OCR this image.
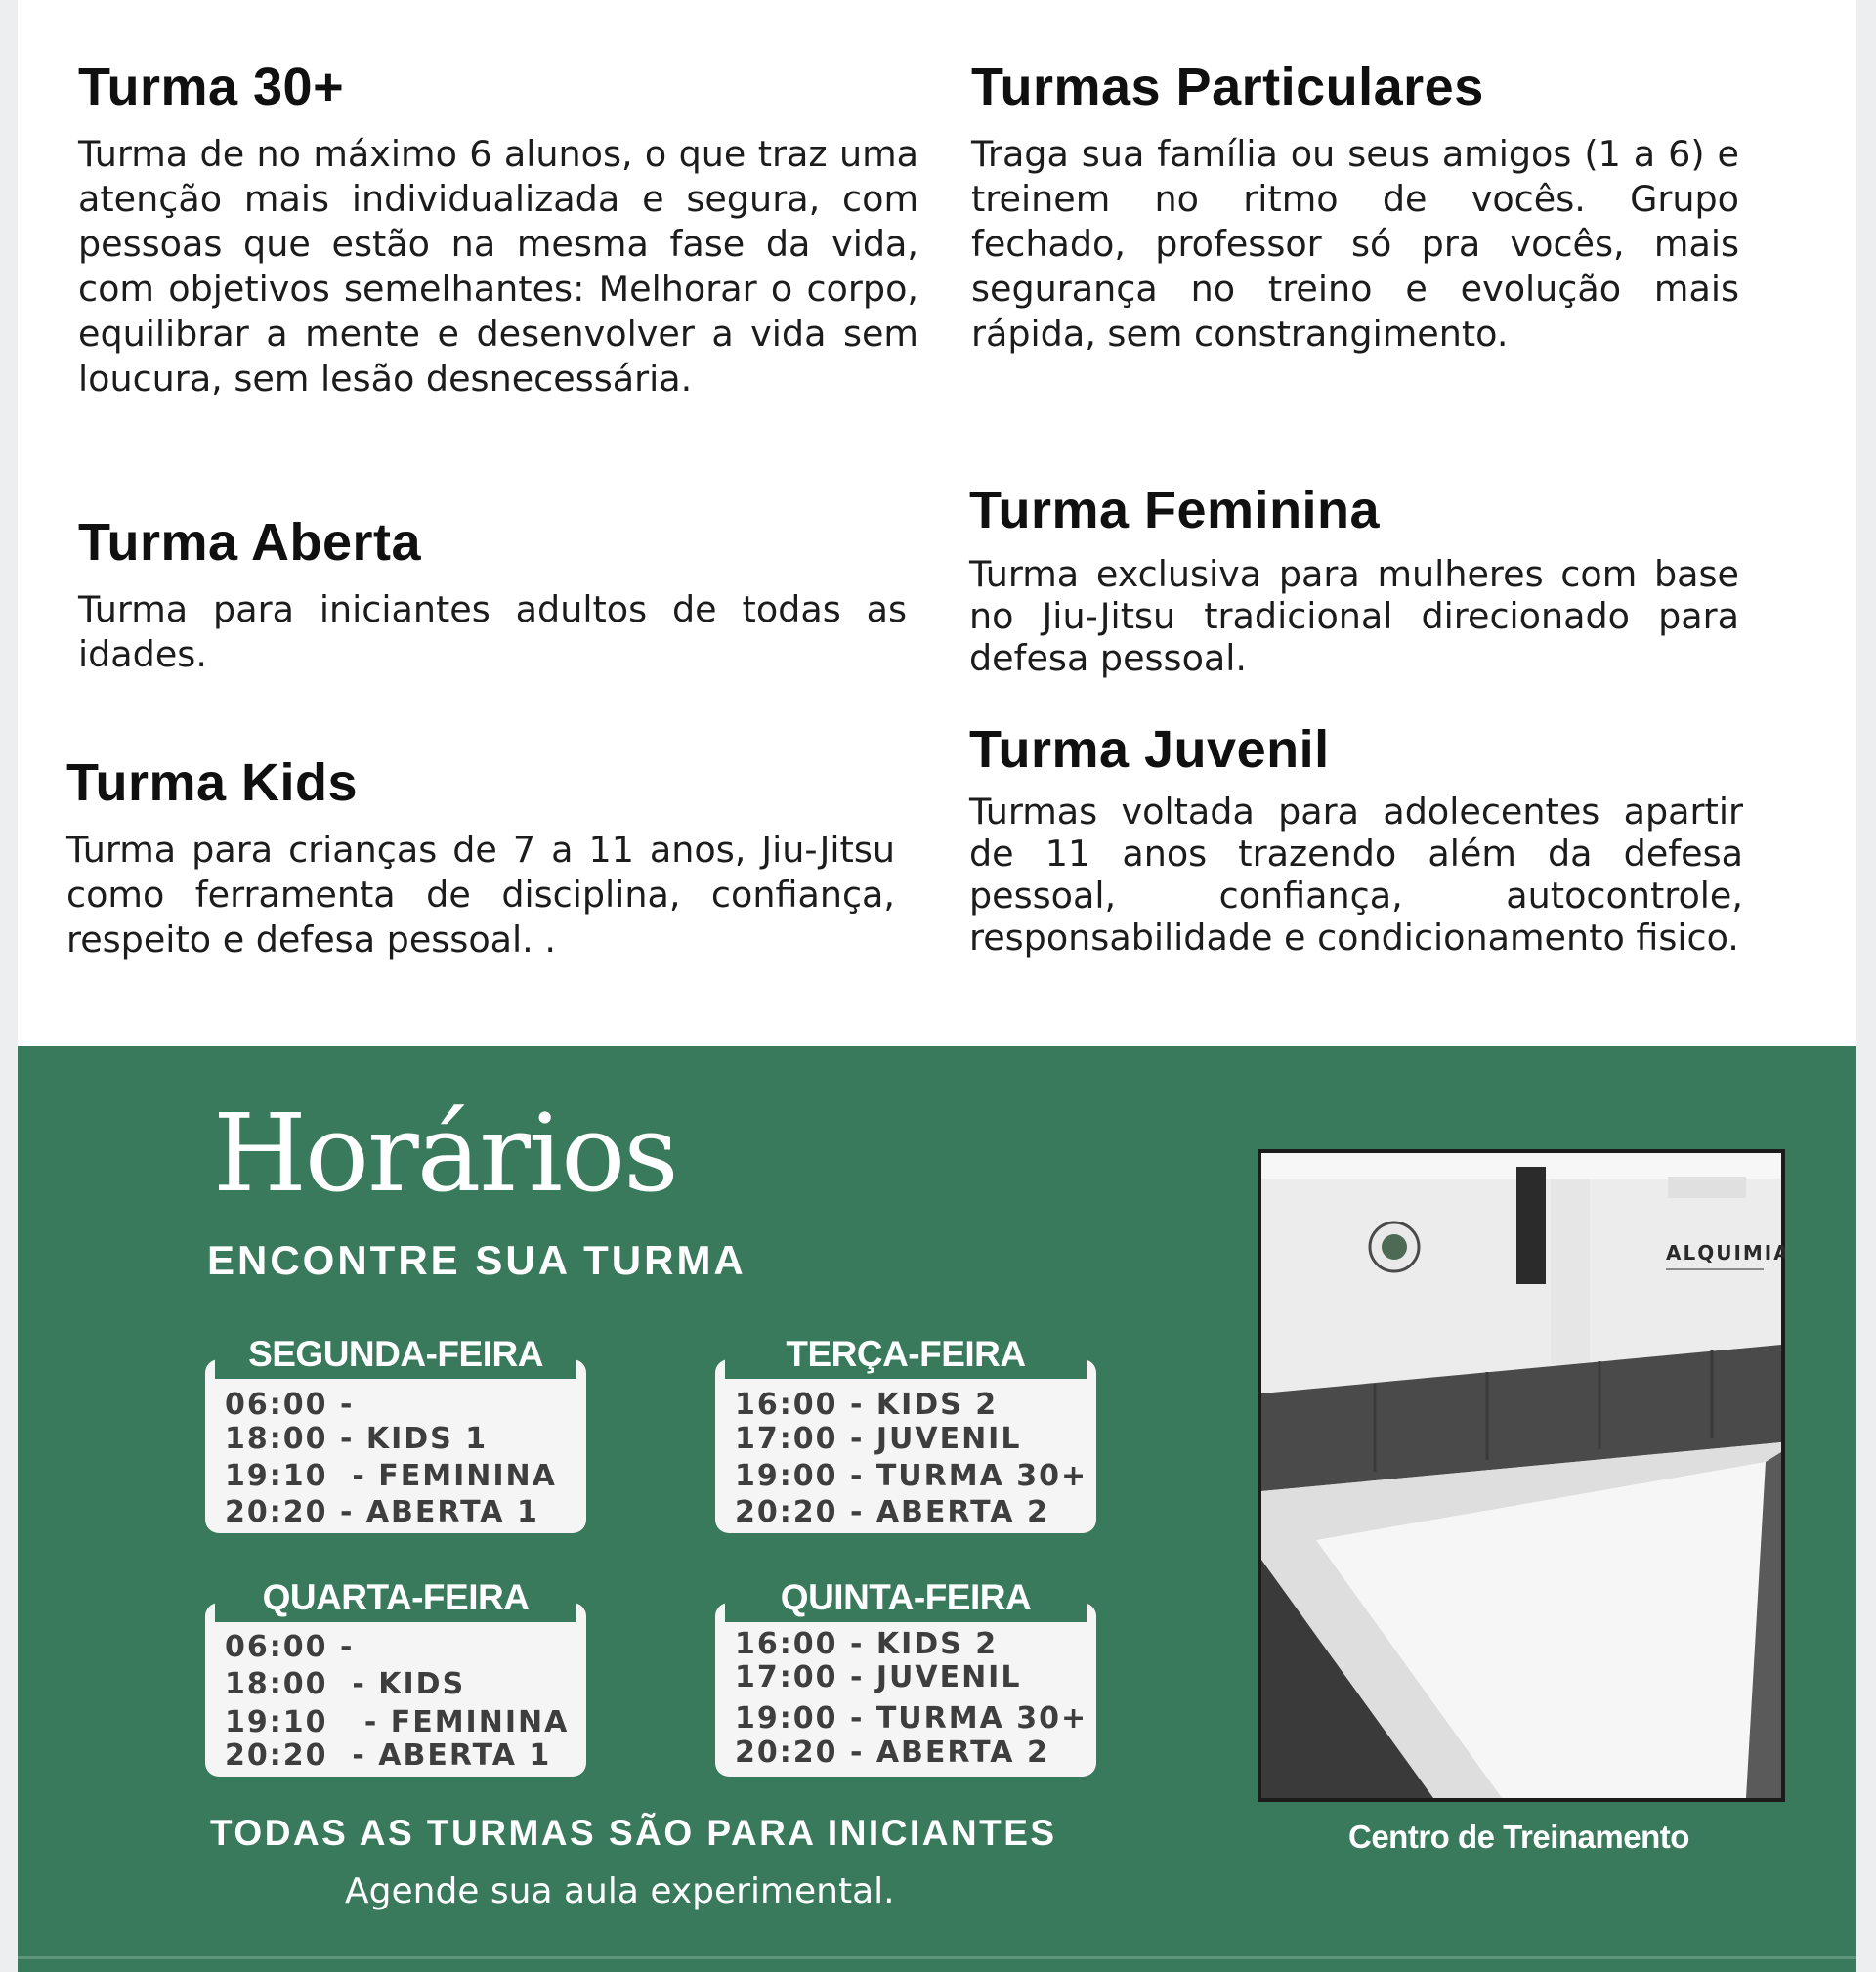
Turma 30+

Turma de no máximo 6 alunos, o que traz uma atenção mais individualizada e segura, com pessoas que estão na mesma fase da vida, com objetivos semelhantes: Melhorar o corpo, equilibrar a mente e desenvolver a vida sem loucura, sem lesão desnecessária.

Turma Aberta

Turma para iniciantes adultos de todas as idades.

Turma Kids

Turma para crianças de 7 a 11 anos, Jiu-Jitsu como ferramenta de disciplina, confiança, respeito e defesa pessoal. .

Turmas Particulares

Traga sua família ou seus amigos (1 a 6) e treinem no ritmo de vocês. Grupo fechado, professor só pra vocês, mais segurança no treino e evolução mais rápida, sem constrangimento.

Turma Feminina

Turma exclusiva para mulheres com base no Jiu-Jitsu tradicional direcionado para defesa pessoal.

Turma Juvenil

Turmas voltada para adolecentes apartir de 11 anos trazendo além da defesa pessoal, confiança, autocontrole, responsabilidade e condicionamento fisico.

Horários
ENCONTRE SUA TURMA
SEGUNDA-FEIRA
06:00 -
18:00 - KIDS 1
19:10  - FEMININA
20:20 - ABERTA 1
TERÇA-FEIRA
16:00 - KIDS 2
17:00 - JUVENIL
19:00 - TURMA 30+
20:20 - ABERTA 2
QUARTA-FEIRA
06:00 -
18:00  - KIDS
19:10   - FEMININA
20:20  - ABERTA 1
QUINTA-FEIRA
16:00 - KIDS 2
17:00 - JUVENIL
19:00 - TURMA 30+
20:20 - ABERTA 2
TODAS AS TURMAS SÃO PARA INICIANTES
Agende sua aula experimental.
ALQUIMIA
Centro de Treinamento
